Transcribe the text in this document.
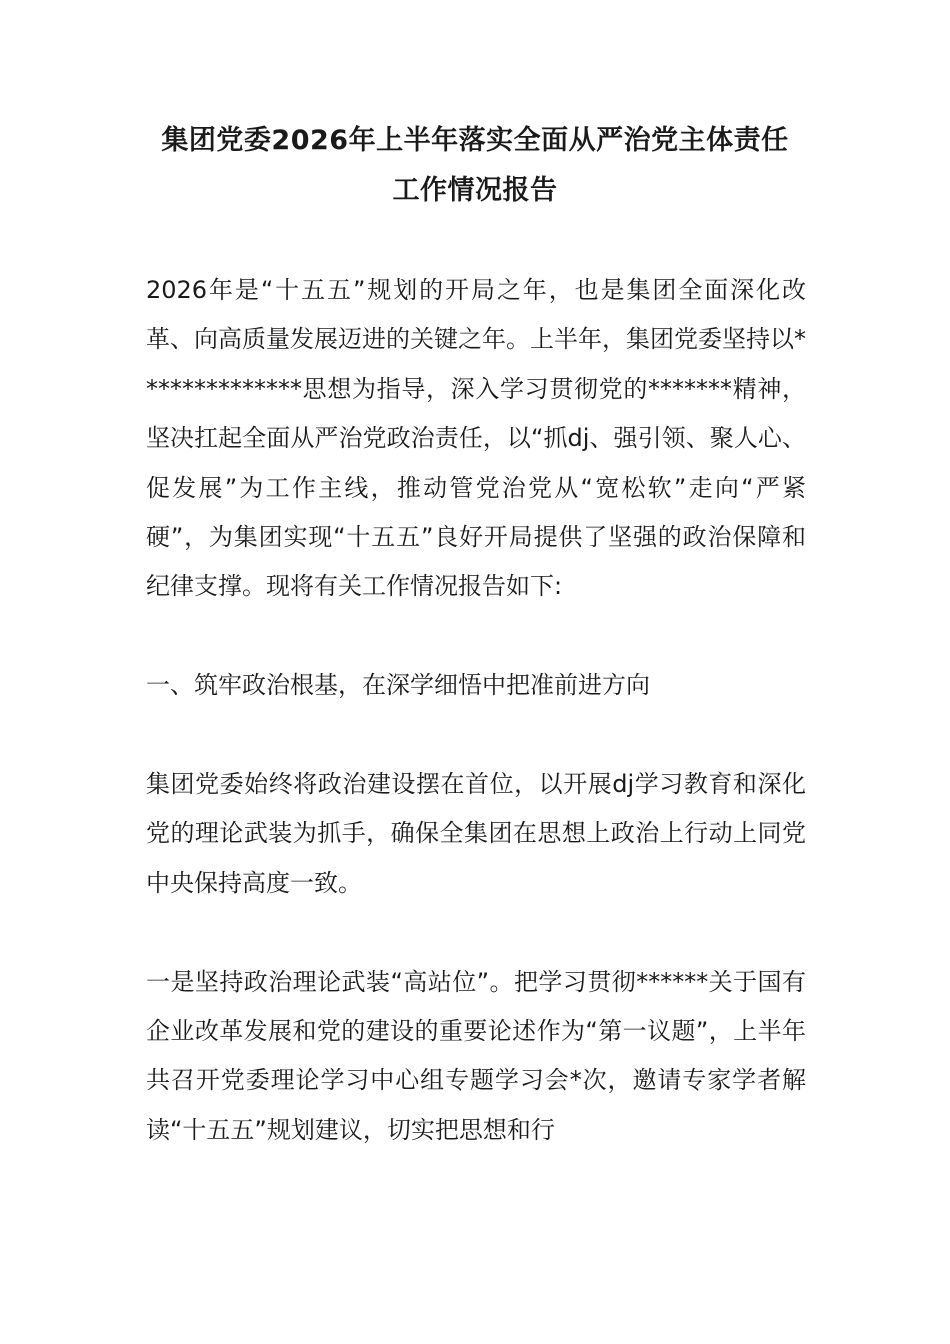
集团党委2026年上半年落实全面从严治党主体责任
工作情况报告

2026年是“十五五”规划的开局之年，也是集团全面深化改革、向高质量发展迈进的关键之年。上半年，集团党委坚持以**************思想为指导，深入学习贯彻党的*******精神，坚决扛起全面从严治党政治责任，以“抓dj、强引领、聚人心、促发展”为工作主线，推动管党治党从“宽松软”走向“严紧硬”，为集团实现“十五五”良好开局提供了坚强的政治保障和纪律支撑。现将有关工作情况报告如下:

一、筑牢政治根基，在深学细悟中把准前进方向

集团党委始终将政治建设摆在首位，以开展dj学习教育和深化党的理论武装为抓手，确保全集团在思想上政治上行动上同党中央保持高度一致。

一是坚持政治理论武装“高站位”。把学习贯彻******关于国有企业改革发展和党的建设的重要论述作为“第一议题”，上半年共召开党委理论学习中心组专题学习会*次，邀请专家学者解读“十五五”规划建议，切实把思想和行
